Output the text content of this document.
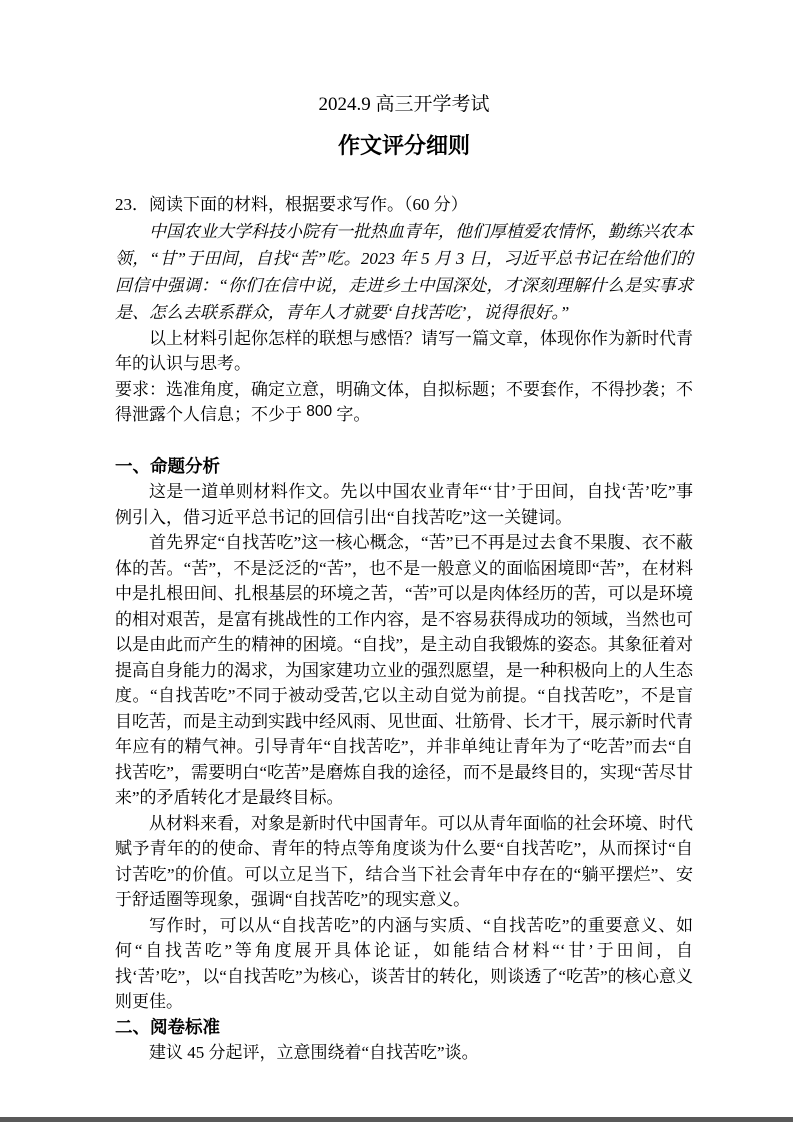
2024.9 高三开学考试
作文评分细则

23．阅读下面的材料，根据要求写作。（60 分）

中国农业大学科技小院有一批热血青年，他们厚植爱农情怀，勤练兴农本领，“甘”于田间，自找“苦”吃。2023 年 5 月 3 日，习近平总书记在给他们的回信中强调：“你们在信中说，走进乡土中国深处，才深刻理解什么是实事求是、怎么去联系群众，青年人才就要‘自找苦吃’，说得很好。”

以上材料引起你怎样的联想与感悟？请写一篇文章，体现你作为新时代青年的认识与思考。

要求：选准角度，确定立意，明确文体，自拟标题；不要套作，不得抄袭；不得泄露个人信息；不少于 800 字。

一、命题分析

这是一道单则材料作文。先以中国农业青年“‘甘’于田间，自找‘苦’吃”事例引入，借习近平总书记的回信引出“自找苦吃”这一关键词。

首先界定“自找苦吃”这一核心概念，“苦”已不再是过去食不果腹、衣不蔽体的苦。“苦”，不是泛泛的“苦”，也不是一般意义的面临困境即“苦”，在材料中是扎根田间、扎根基层的环境之苦，“苦”可以是肉体经历的苦，可以是环境的相对艰苦，是富有挑战性的工作内容，是不容易获得成功的领域，当然也可以是由此而产生的精神的困境。“自找”，是主动自我锻炼的姿态。其象征着对提高自身能力的渴求，为国家建功立业的强烈愿望，是一种积极向上的人生态度。“自找苦吃”不同于被动受苦,它以主动自觉为前提。“自找苦吃”，不是盲目吃苦，而是主动到实践中经风雨、见世面、壮筋骨、长才干，展示新时代青年应有的精气神。引导青年“自找苦吃”，并非单纯让青年为了“吃苦”而去“自找苦吃”，需要明白“吃苦”是磨炼自我的途径，而不是最终目的，实现“苦尽甘来”的矛盾转化才是最终目标。

从材料来看，对象是新时代中国青年。可以从青年面临的社会环境、时代赋予青年的的使命、青年的特点等角度谈为什么要“自找苦吃”，从而探讨“自讨苦吃”的价值。可以立足当下，结合当下社会青年中存在的“躺平摆烂”、安于舒适圈等现象，强调“自找苦吃”的现实意义。

写作时，可以从“自找苦吃”的内涵与实质、“自找苦吃”的重要意义、如何“自找苦吃”等角度展开具体论证，如能结合材料“‘甘’于田间，自找‘苦’吃”，以“自找苦吃”为核心，谈苦甘的转化，则谈透了“吃苦”的核心意义则更佳。

二、阅卷标准

建议 45 分起评，立意围绕着“自找苦吃”谈。
